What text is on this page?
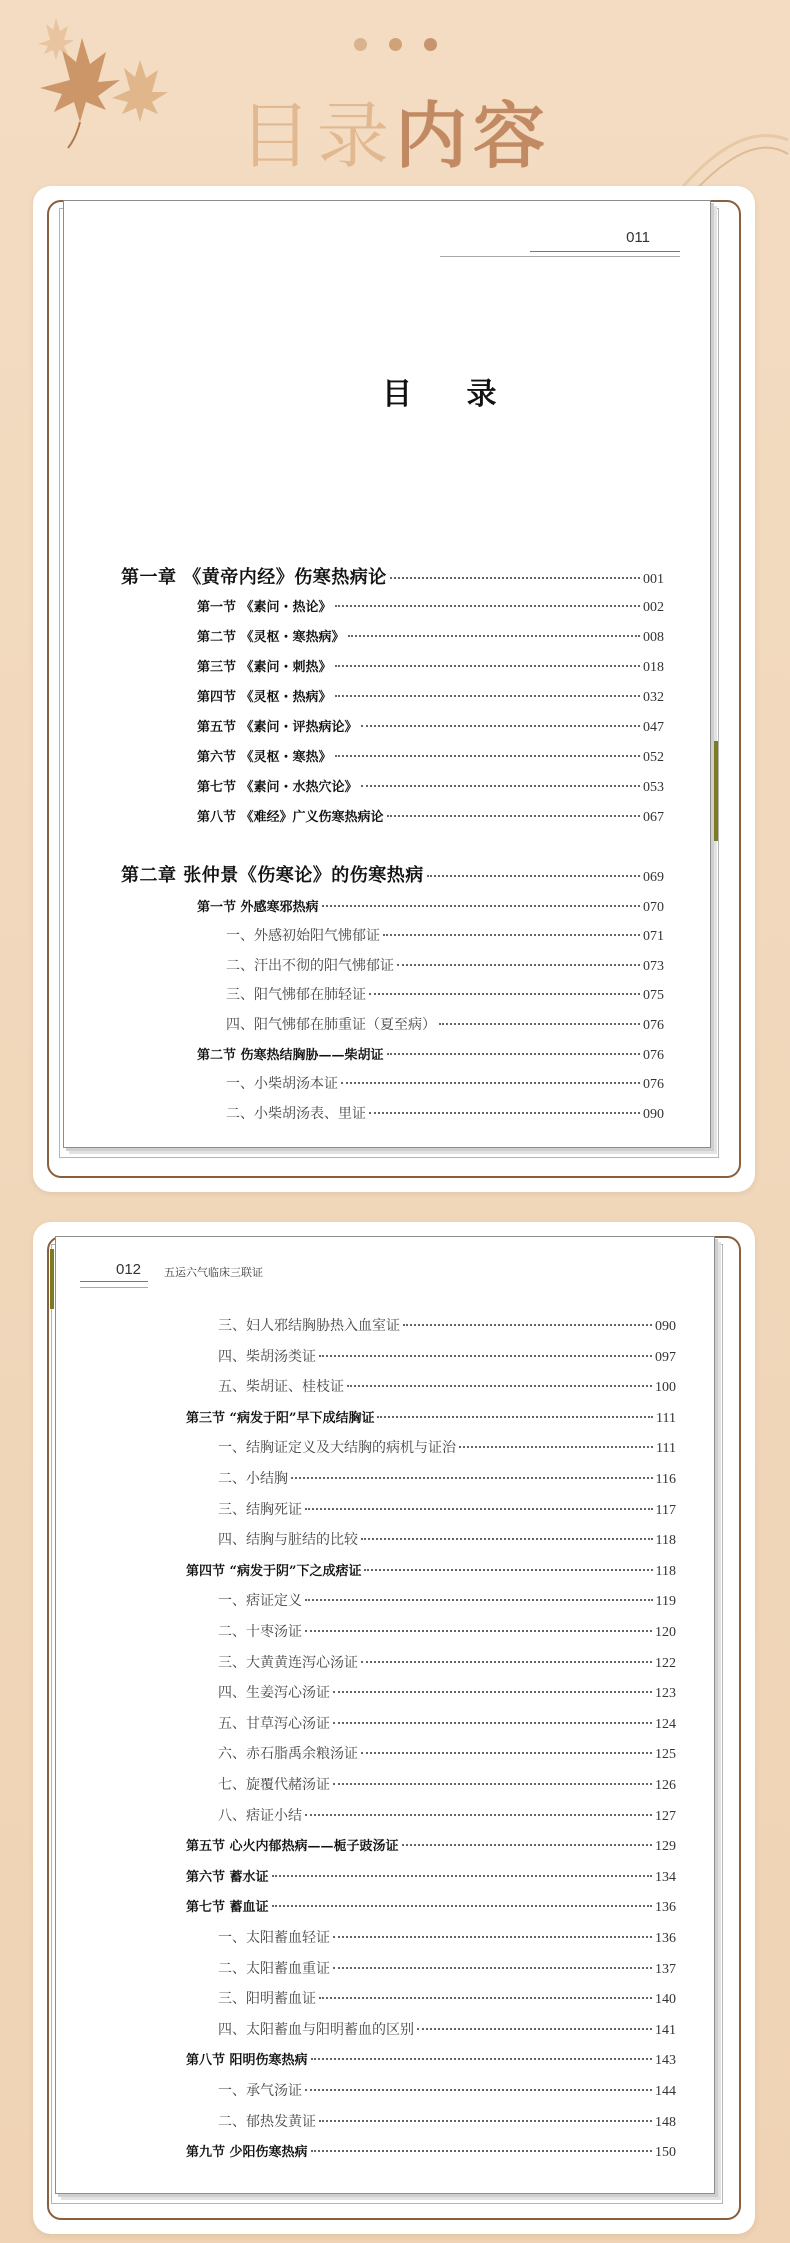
目录内容
011
目 录
第一章 《黄帝内经》伤寒热病论	001
第一节 《素问・热论》	002
第二节 《灵枢・寒热病》	008
第三节 《素问・刺热》	018
第四节 《灵枢・热病》	032
第五节 《素问・评热病论》	047
第六节 《灵枢・寒热》	052
第七节 《素问・水热穴论》	053
第八节 《难经》广义伤寒热病论	067
第二章 张仲景《伤寒论》的伤寒热病	069
第一节 外感寒邪热病	070
一、外感初始阳气怫郁证	071
二、汗出不彻的阳气怫郁证	073
三、阳气怫郁在肺轻证	075
四、阳气怫郁在肺重证（夏至病）	076
第二节 伤寒热结胸胁——柴胡证	076
一、小柴胡汤本证	076
二、小柴胡汤表、里证	090
012 五运六气临床三联证
三、妇人邪结胸胁热入血室证	090
四、柴胡汤类证	097
五、柴胡证、桂枝证	100
第三节 “病发于阳”早下成结胸证	111
一、结胸证定义及大结胸的病机与证治	111
二、小结胸	116
三、结胸死证	117
四、结胸与脏结的比较	118
第四节 “病发于阴”下之成痞证	118
一、痞证定义	119
二、十枣汤证	120
三、大黄黄连泻心汤证	122
四、生姜泻心汤证	123
五、甘草泻心汤证	124
六、赤石脂禹余粮汤证	125
七、旋覆代赭汤证	126
八、痞证小结	127
第五节 心火内郁热病——栀子豉汤证	129
第六节 蓄水证	134
第七节 蓄血证	136
一、太阳蓄血轻证	136
二、太阳蓄血重证	137
三、阳明蓄血证	140
四、太阳蓄血与阳明蓄血的区别	141
第八节 阳明伤寒热病	143
一、承气汤证	144
二、郁热发黄证	148
第九节 少阳伤寒热病	150
